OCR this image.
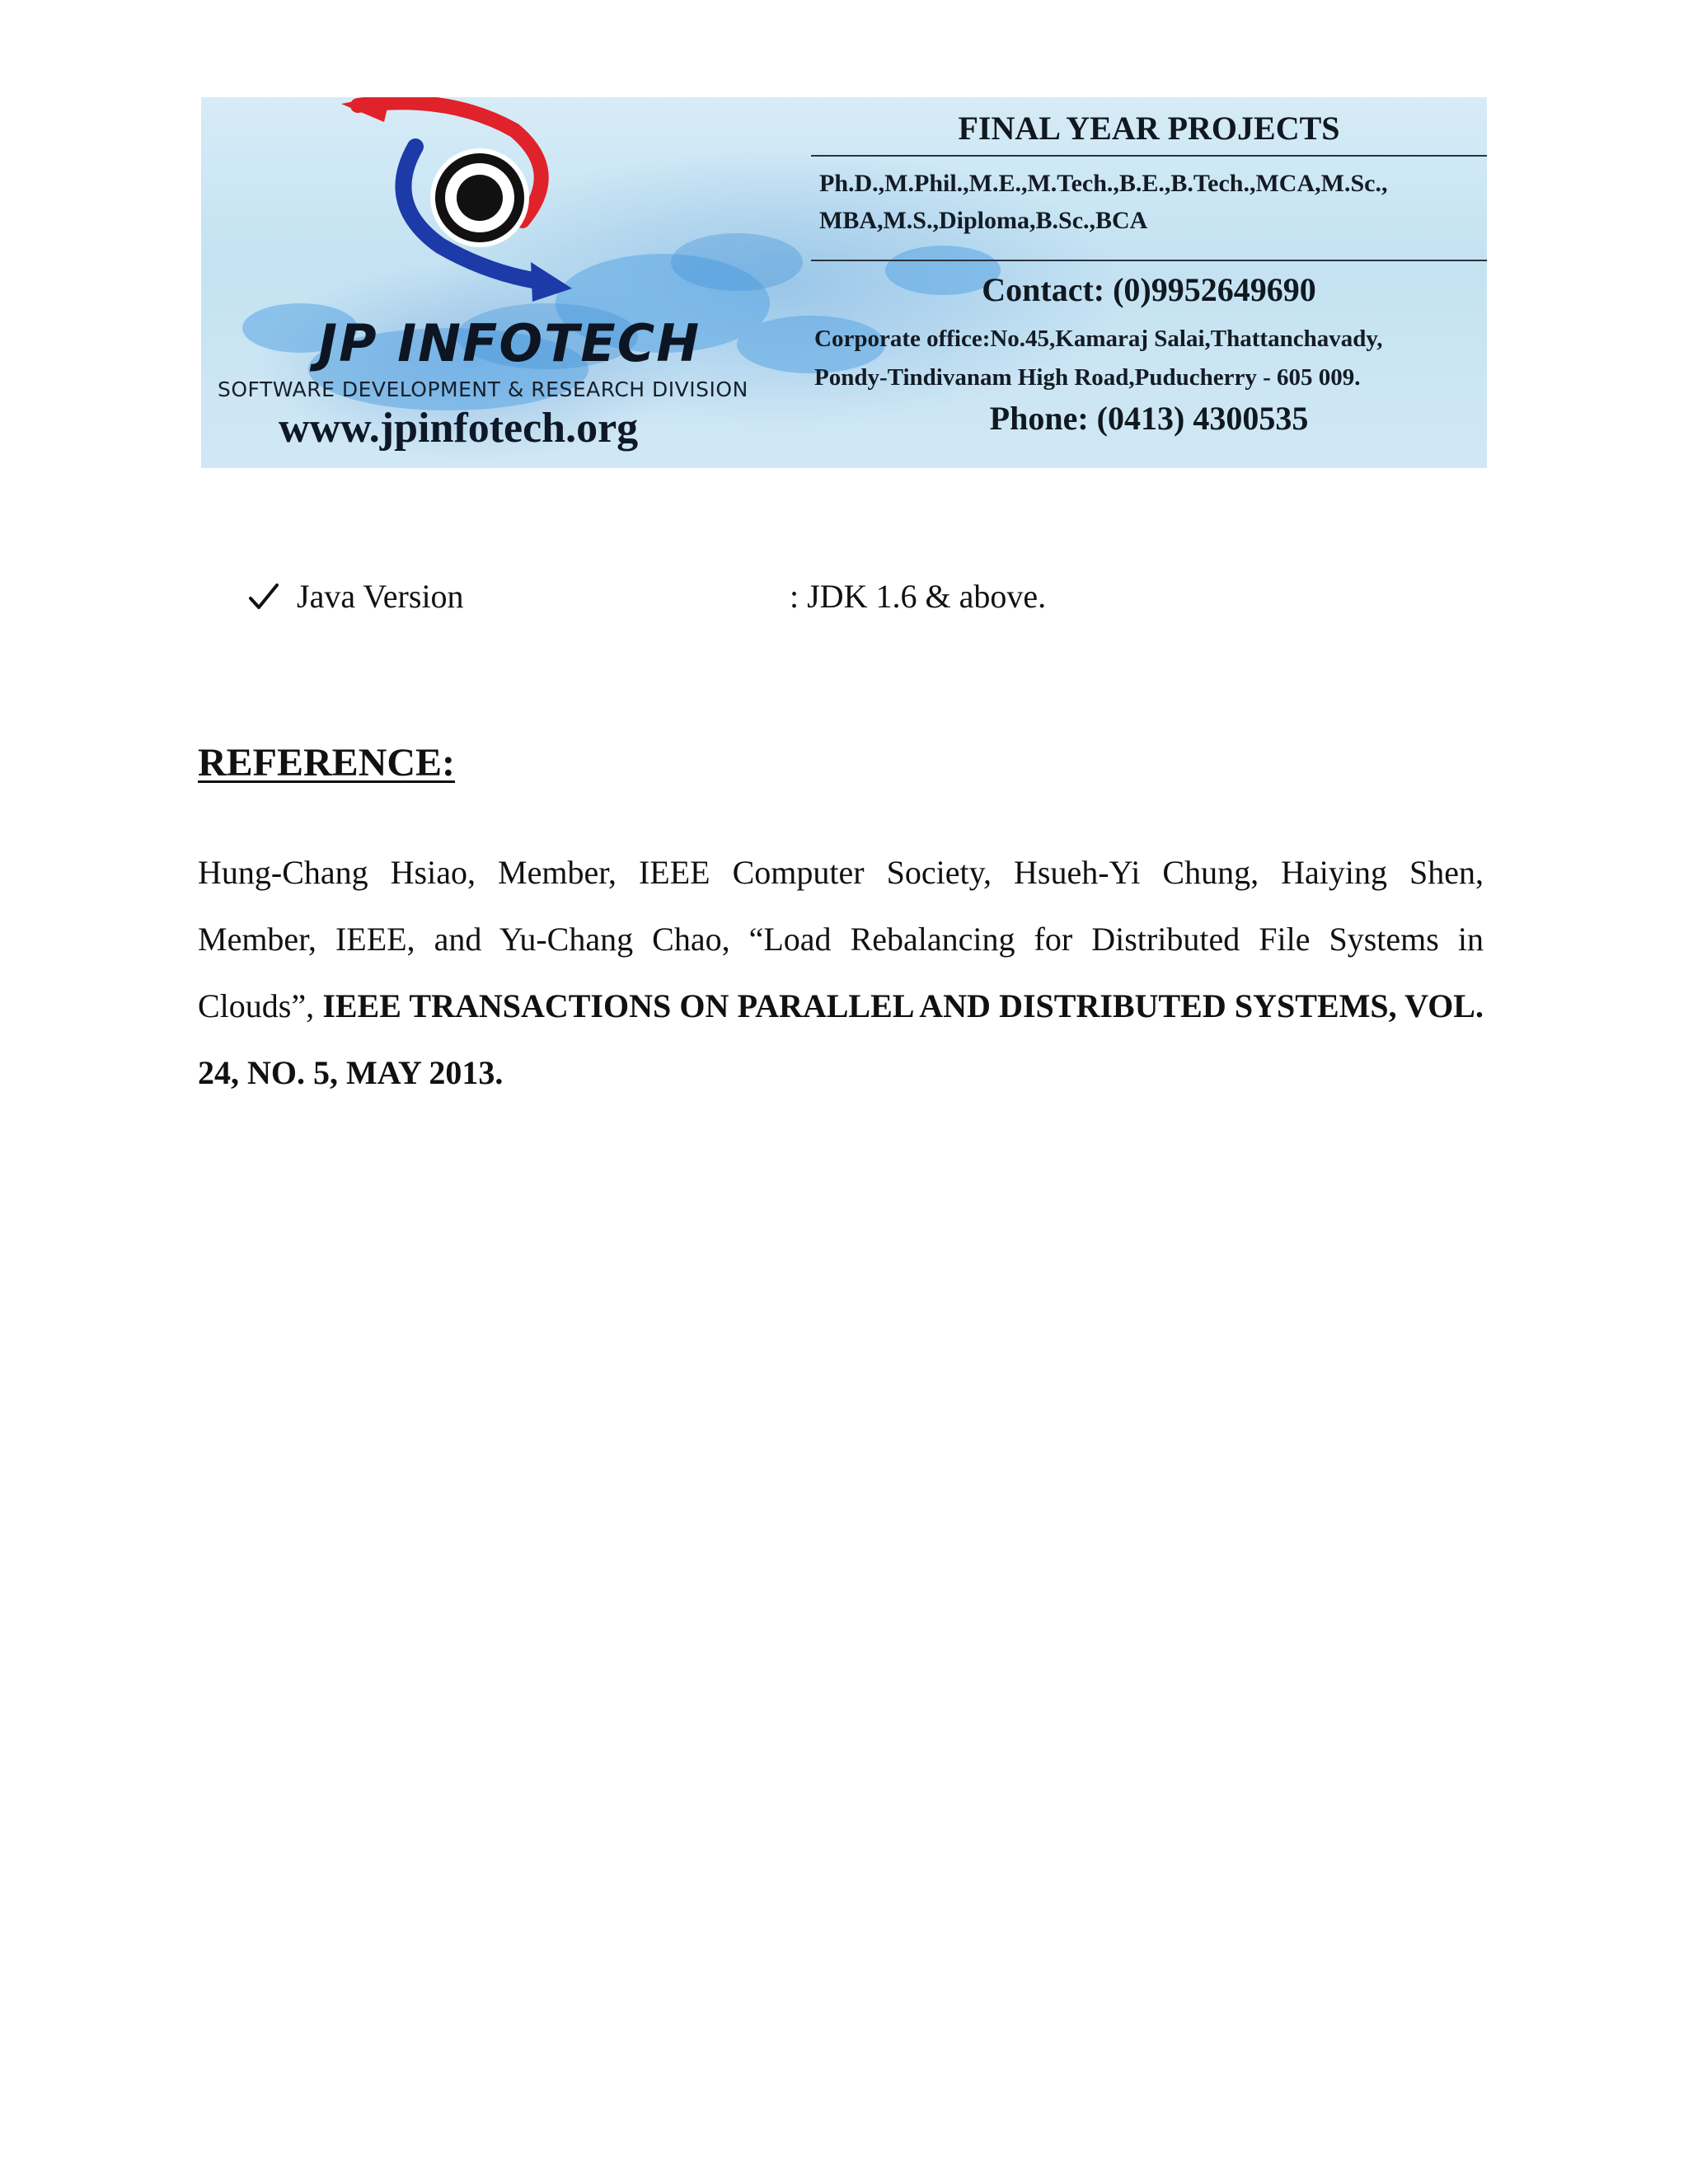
JP INFOTECH
SOFTWARE DEVELOPMENT & RESEARCH DIVISION
www.jpinfotech.org
FINAL YEAR PROJECTS
Ph.D.,M.Phil.,M.E.,M.Tech.,B.E.,B.Tech.,MCA,M.Sc.,
MBA,M.S.,Diploma,B.Sc.,BCA
Contact: (0)9952649690
Corporate office:No.45,Kamaraj Salai,Thattanchavady,
Pondy-Tindivanam High Road,Puducherry - 605 009.
Phone: (0413) 4300535
Java Version	: JDK 1.6 & above.
REFERENCE:

Hung-Chang Hsiao, Member, IEEE Computer Society, Hsueh-Yi Chung, Haiying Shen, Member, IEEE, and Yu-Chang Chao, “Load Rebalancing for Distributed File Systems in Clouds”, IEEE TRANSACTIONS ON PARALLEL AND DISTRIBUTED SYSTEMS, VOL. 24, NO. 5, MAY 2013.
